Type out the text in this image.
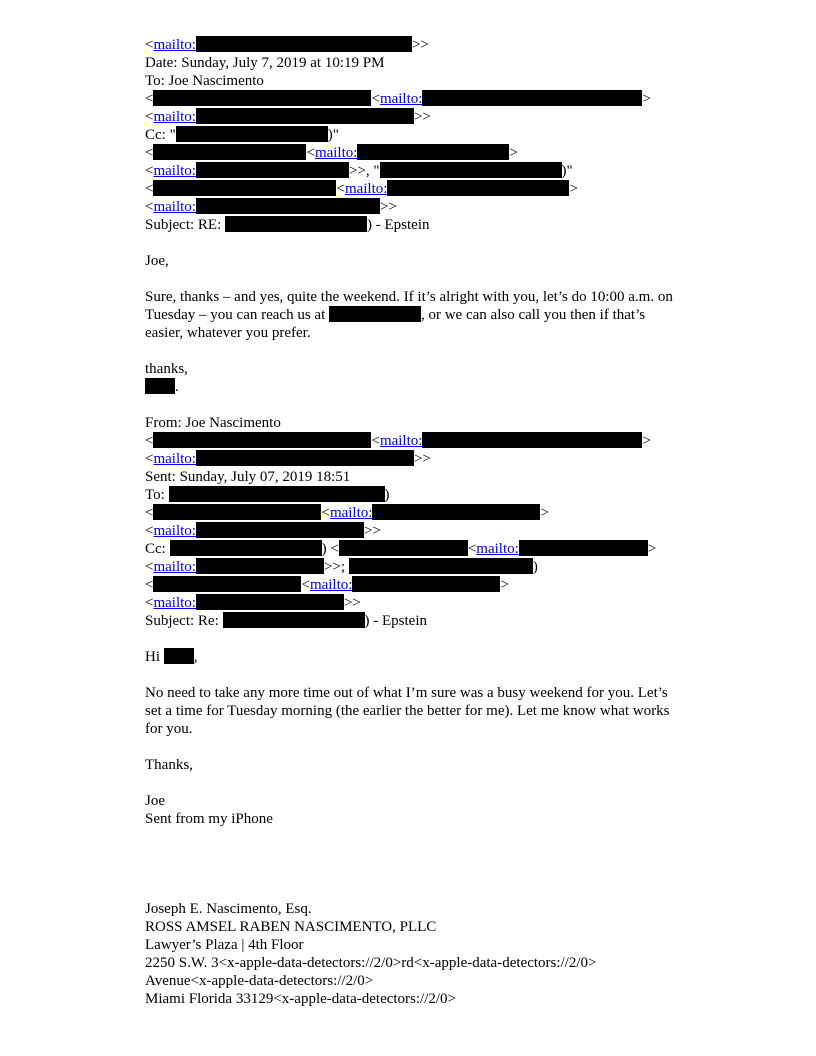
<mailto:	>>
Date: Sunday, July 7, 2019 at 10:19 PM
To: Joe Nascimento
<	<mailto:	>
<mailto:	>>
Cc: "	)"
<	<mailto:	>
<mailto:	>>, "	)"
<	<mailto:	>
<mailto:	>>
Subject: RE:	) - Epstein
Joe,
Sure, thanks – and yes, quite the weekend. If it’s alright with you, let’s do 10:00 a.m. on Tuesday – you can reach us at	, or we can also call you then if that’s easier, whatever you prefer.
thanks,
.
From: Joe Nascimento
<	<mailto:	>
<mailto:	>>
Sent: Sunday, July 07, 2019 18:51
To:	)
<	<mailto:	>
<mailto:	>>
Cc:	) <	<mailto:	>
<mailto:	>>;	)
<	<mailto:	>
<mailto:	>>
Subject: Re:	) - Epstein
Hi ,
No need to take any more time out of what I’m sure was a busy weekend for you. Let’s set a time for Tuesday morning (the earlier the better for me). Let me know what works for you.
Thanks,
Joe
Sent from my iPhone
Joseph E. Nascimento, Esq.
ROSS AMSEL RABEN NASCIMENTO, PLLC
Lawyer’s Plaza | 4th Floor
2250 S.W. 3<x-apple-data-detectors://2/0>rd<x-apple-data-detectors://2/0>
Avenue<x-apple-data-detectors://2/0>
Miami Florida 33129<x-apple-data-detectors://2/0>
